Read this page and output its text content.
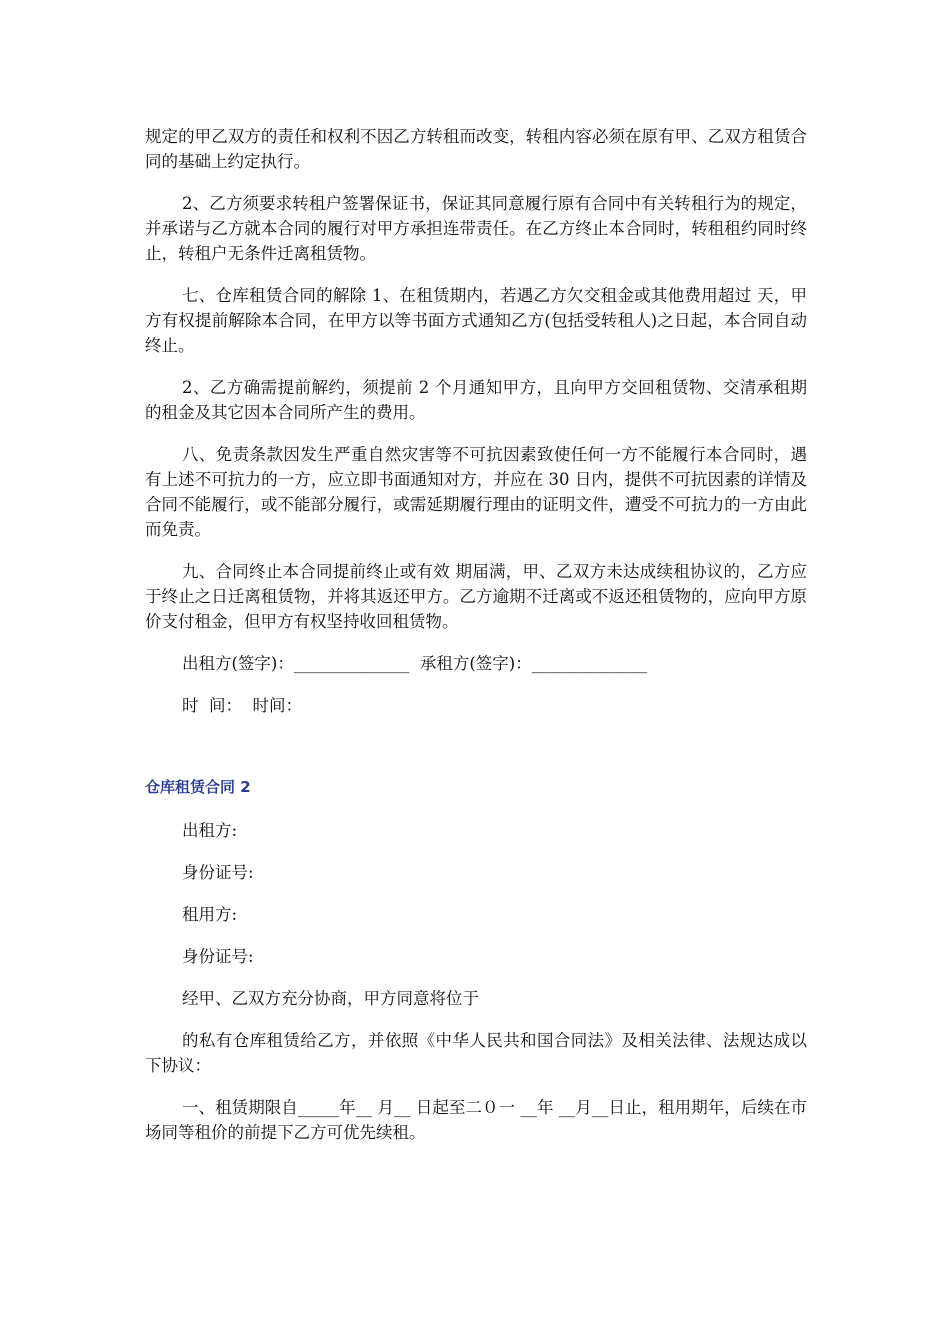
规定的甲乙双方的责任和权利不因乙方转租而改变，转租内容必须在原有甲、乙双方租赁合同的基础上约定执行。

2、乙方须要求转租户签署保证书，保证其同意履行原有合同中有关转租行为的规定，并承诺与乙方就本合同的履行对甲方承担连带责任。在乙方终止本合同时，转租租约同时终止，转租户无条件迁离租赁物。

七、仓库租赁合同的解除 1、在租赁期内，若遇乙方欠交租金或其他费用超过 天，甲方有权提前解除本合同，在甲方以等书面方式通知乙方(包括受转租人)之日起，本合同自动终止。

2、乙方确需提前解约，须提前 2 个月通知甲方，且向甲方交回租赁物、交清承租期的租金及其它因本合同所产生的费用。

八、免责条款因发生严重自然灾害等不可抗因素致使任何一方不能履行本合同时，遇有上述不可抗力的一方，应立即书面通知对方，并应在 30 日内，提供不可抗因素的详情及合同不能履行，或不能部分履行，或需延期履行理由的证明文件，遭受不可抗力的一方由此而免责。

九、合同终止本合同提前终止或有效 期届满，甲、乙双方未达成续租协议的，乙方应于终止之日迁离租赁物，并将其返还甲方。乙方逾期不迁离或不返还租赁物的，应向甲方原价支付租金，但甲方有权坚持收回租赁物。

出租方(签字)：______________  承租方(签字)：______________
时  间：  时间：
仓库租赁合同 2
出租方:
身份证号:
租用方:
身份证号:
经甲、乙双方充分协商，甲方同意将位于

的私有仓库租赁给乙方，并依照《中华人民共和国合同法》及相关法律、法规达成以下协议：

一、租赁期限自_____年__ 月__ 日起至二０一 __年 __月__日止，租用期年，后续在市场同等租价的前提下乙方可优先续租。
